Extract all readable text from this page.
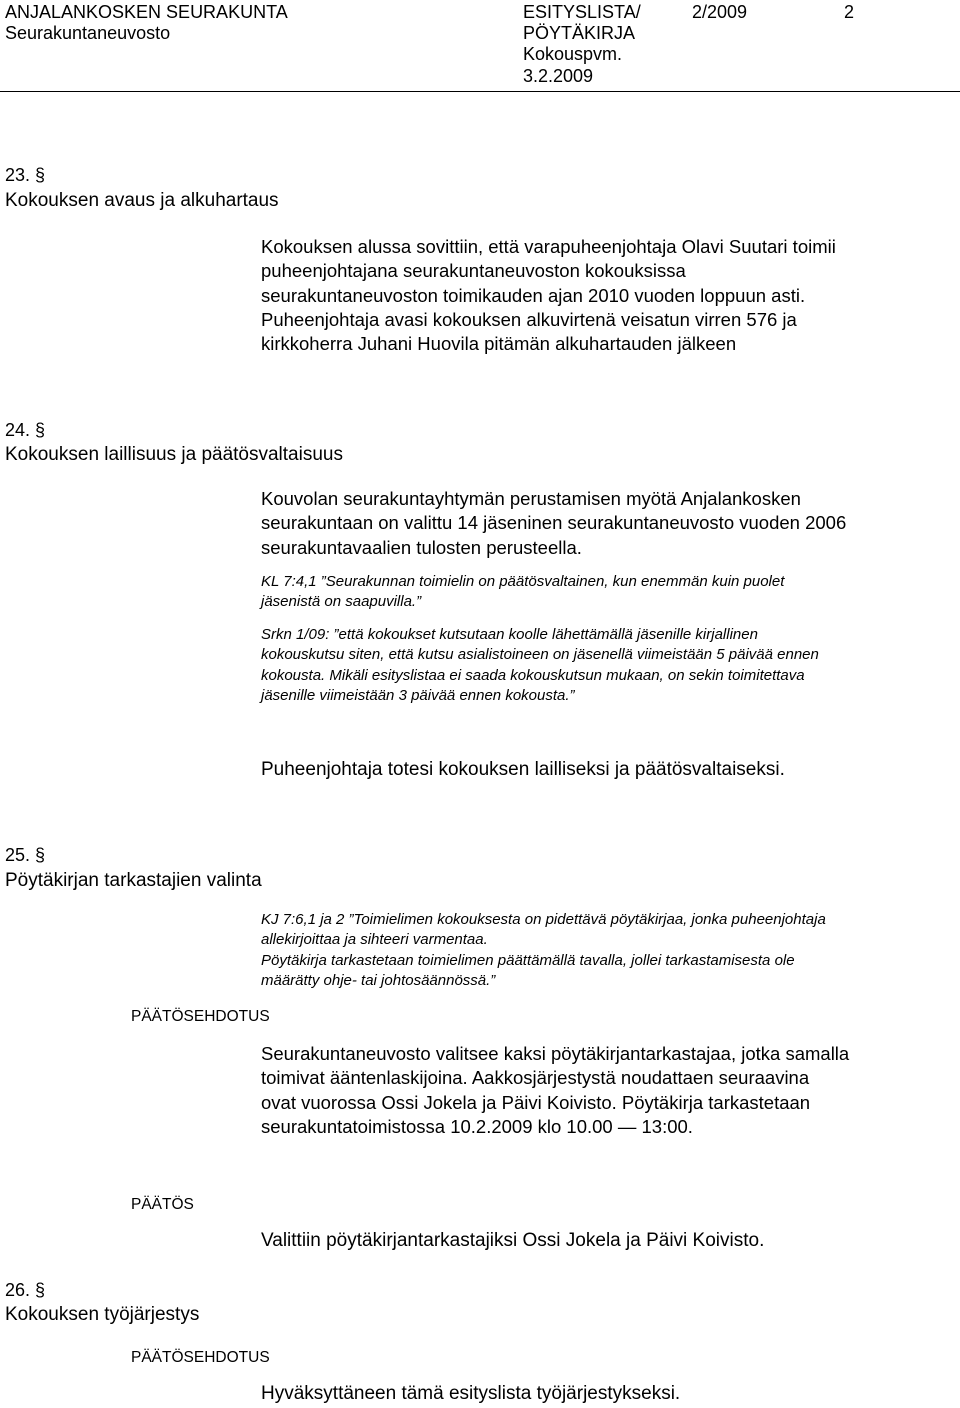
ANJALANKOSKEN SEURAKUNTA
Seurakuntaneuvosto
ESITYSLISTA/
PÖYTÄKIRJA
Kokouspvm.
3.2.2009
2/2009	2
23. §
Kokouksen avaus ja alkuhartaus
Kokouksen alussa sovittiin, että varapuheenjohtaja Olavi Suutari toimii
puheenjohtajana seurakuntaneuvoston kokouksissa
seurakuntaneuvoston toimikauden ajan 2010 vuoden loppuun asti.
Puheenjohtaja avasi kokouksen alkuvirtenä veisatun virren 576 ja
kirkkoherra Juhani Huovila pitämän alkuhartauden jälkeen
24. §
Kokouksen laillisuus ja päätösvaltaisuus
Kouvolan seurakuntayhtymän perustamisen myötä Anjalankosken
seurakuntaan on valittu 14 jäseninen seurakuntaneuvosto vuoden 2006
seurakuntavaalien tulosten perusteella.
KL 7:4,1 ”Seurakunnan toimielin on päätösvaltainen, kun enemmän kuin puolet
jäsenistä on saapuvilla.”
Srkn 1/09: ”että kokoukset kutsutaan koolle lähettämällä jäsenille kirjallinen
kokouskutsu siten, että kutsu asialistoineen on jäsenellä viimeistään 5 päivää ennen
kokousta. Mikäli esityslistaa ei saada kokouskutsun mukaan, on sekin toimitettava
jäsenille viimeistään 3 päivää ennen kokousta.”
Puheenjohtaja totesi kokouksen lailliseksi ja päätösvaltaiseksi.
25. §
Pöytäkirjan tarkastajien valinta
KJ 7:6,1 ja 2 ”Toimielimen kokouksesta on pidettävä pöytäkirjaa, jonka puheenjohtaja
allekirjoittaa ja sihteeri varmentaa.
Pöytäkirja tarkastetaan toimielimen päättämällä tavalla, jollei tarkastamisesta ole
määrätty ohje- tai johtosäännössä.”
PÄÄTÖSEHDOTUS
Seurakuntaneuvosto valitsee kaksi pöytäkirjantarkastajaa, jotka samalla
toimivat ääntenlaskijoina. Aakkosjärjestystä noudattaen seuraavina
ovat vuorossa Ossi Jokela ja Päivi Koivisto. Pöytäkirja tarkastetaan
seurakuntatoimistossa 10.2.2009 klo 10.00 — 13:00.
PÄÄTÖS
Valittiin pöytäkirjantarkastajiksi Ossi Jokela ja Päivi Koivisto.
26. §
Kokouksen työjärjestys
PÄÄTÖSEHDOTUS
Hyväksyttäneen tämä esityslista työjärjestykseksi.
